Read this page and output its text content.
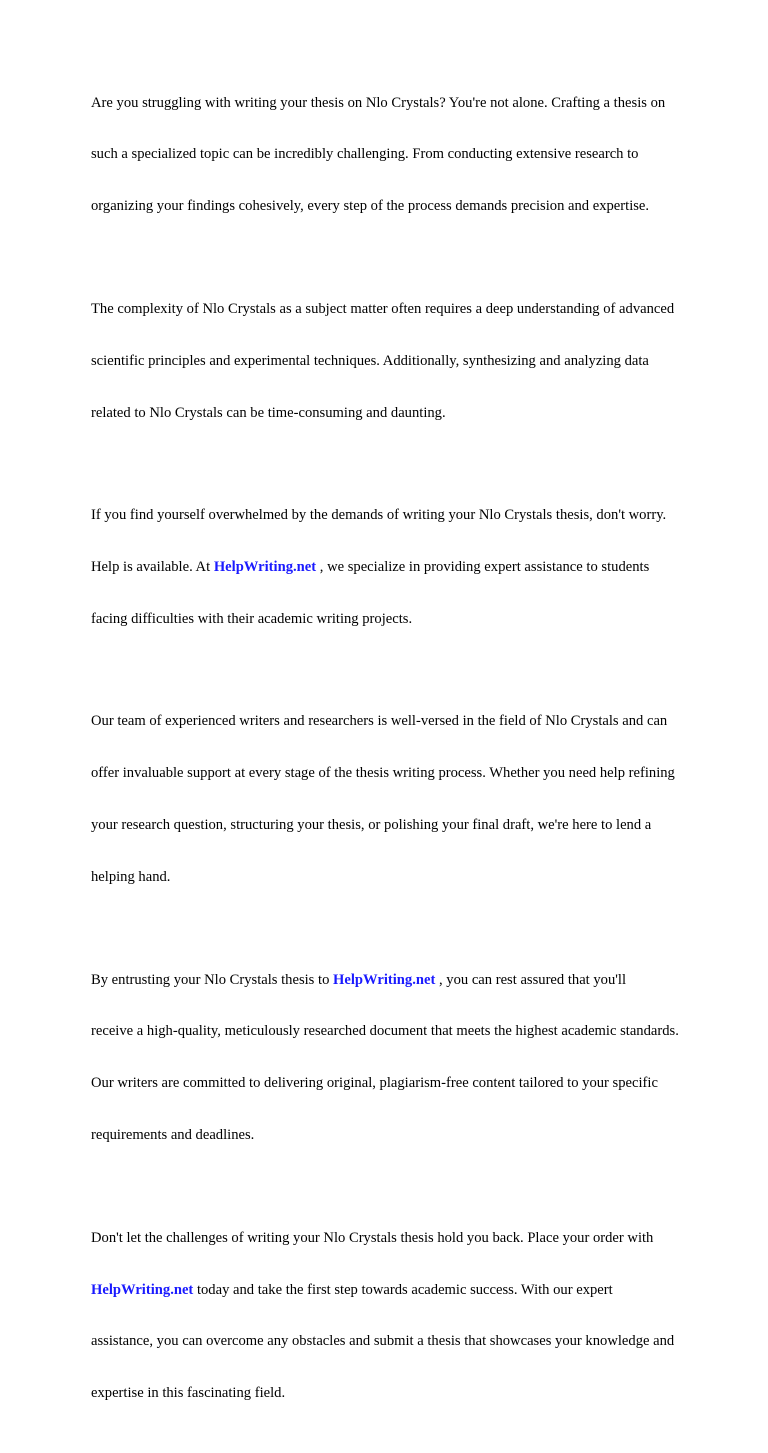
Are you struggling with writing your thesis on Nlo Crystals? You're not alone. Crafting a thesis on

such a specialized topic can be incredibly challenging. From conducting extensive research to

organizing your findings cohesively, every step of the process demands precision and expertise.

The complexity of Nlo Crystals as a subject matter often requires a deep understanding of advanced

scientific principles and experimental techniques. Additionally, synthesizing and analyzing data

related to Nlo Crystals can be time-consuming and daunting.

If you find yourself overwhelmed by the demands of writing your Nlo Crystals thesis, don't worry.

Help is available. At HelpWriting.net , we specialize in providing expert assistance to students

facing difficulties with their academic writing projects.

Our team of experienced writers and researchers is well-versed in the field of Nlo Crystals and can

offer invaluable support at every stage of the thesis writing process. Whether you need help refining

your research question, structuring your thesis, or polishing your final draft, we're here to lend a

helping hand.

By entrusting your Nlo Crystals thesis to HelpWriting.net , you can rest assured that you'll

receive a high-quality, meticulously researched document that meets the highest academic standards.

Our writers are committed to delivering original, plagiarism-free content tailored to your specific

requirements and deadlines.

Don't let the challenges of writing your Nlo Crystals thesis hold you back. Place your order with

HelpWriting.net today and take the first step towards academic success. With our expert

assistance, you can overcome any obstacles and submit a thesis that showcases your knowledge and

expertise in this fascinating field.
